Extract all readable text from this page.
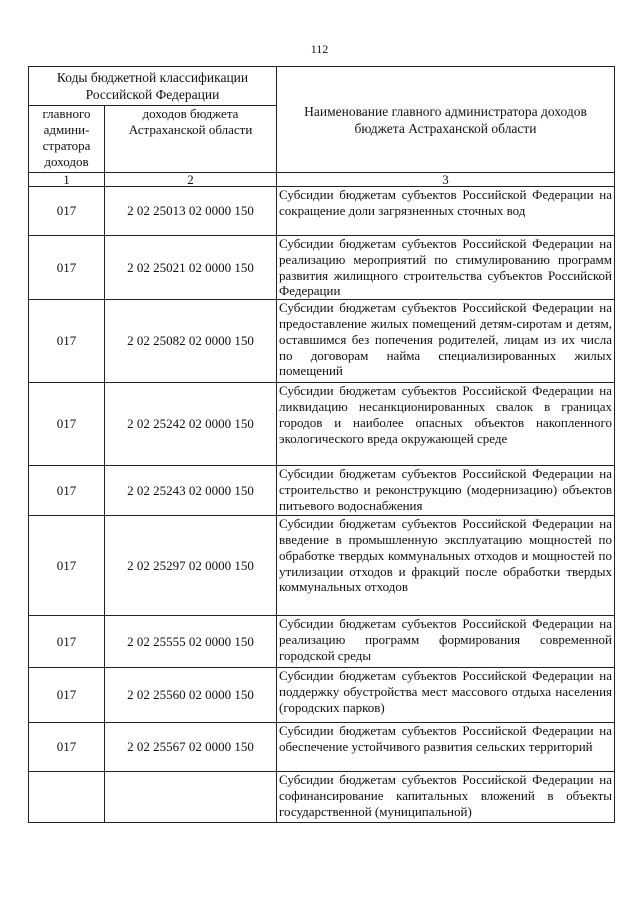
112
Коды бюджетной классификации Российской Федерации		Наименование главного администратора доходов бюджета Астраханской области
главного админи-стратора доходов	доходов бюджета Астраханской области	
1	2	3
017	2 02 25013 02 0000 150	Субсидии бюджетам субъектов Российской Федерации на сокращение доли загрязненных сточных вод
017	2 02 25021 02 0000 150	Субсидии бюджетам субъектов Российской Федерации на реализацию мероприятий по стимулированию программ развития жилищного строительства субъектов Российской Федерации
017	2 02 25082 02 0000 150	Субсидии бюджетам субъектов Российской Федерации на предоставление жилых помещений детям-сиротам и детям, оставшимся без попечения родителей, лицам из их числа по договорам найма специализированных жилых помещений
017	2 02 25242 02 0000 150	Субсидии бюджетам субъектов Российской Федерации на ликвидацию несанкционированных свалок в границах городов и наиболее опасных объектов накопленного экологического вреда окружающей среде
017	2 02 25243 02 0000 150	Субсидии бюджетам субъектов Российской Федерации на строительство и реконструкцию (модернизацию) объектов питьевого водоснабжения
017	2 02 25297 02 0000 150	Субсидии бюджетам субъектов Российской Федерации на введение в промышленную эксплуатацию мощностей по обработке твердых коммунальных отходов и мощностей по утилизации отходов и фракций после обработки твердых коммунальных отходов
017	2 02 25555 02 0000 150	Субсидии бюджетам субъектов Российской Федерации на реализацию программ формирования современной городской среды
017	2 02 25560 02 0000 150	Субсидии бюджетам субъектов Российской Федерации на поддержку обустройства мест массового отдыха населения (городских парков)
017	2 02 25567 02 0000 150	Субсидии бюджетам субъектов Российской Федерации на обеспечение устойчивого развития сельских территорий
		Субсидии бюджетам субъектов Российской Федерации на софинансирование капитальных вложений в объекты государственной (муниципальной)
